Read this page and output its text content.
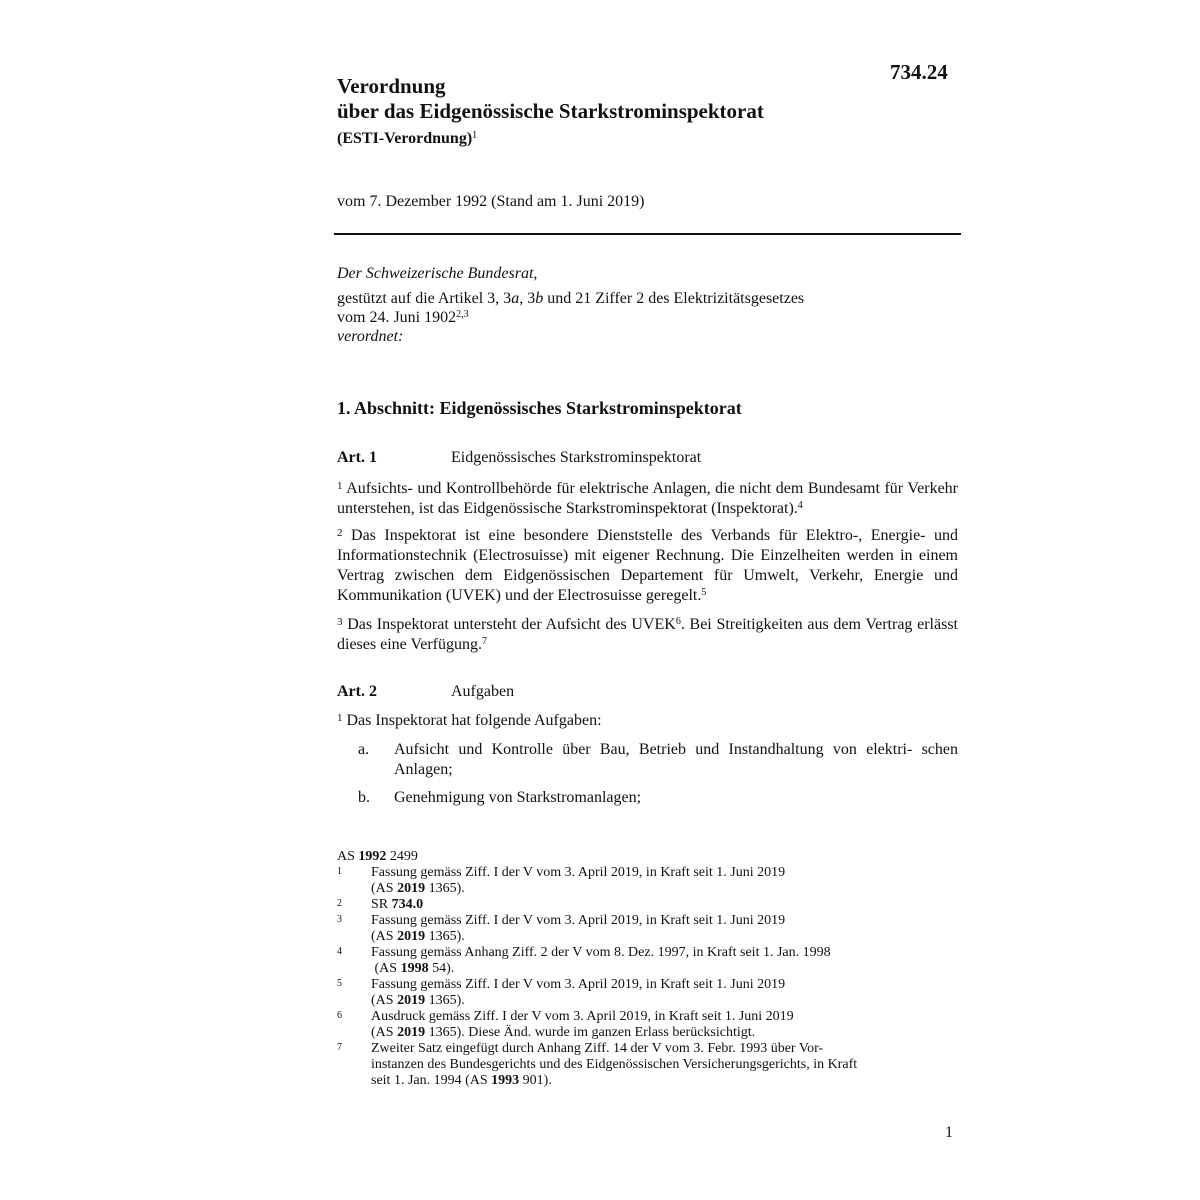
734.24
Verordnung
über das Eidgenössische Starkstrominspektorat
(ESTI-Verordnung)$^1$
vom 7. Dezember 1992 (Stand am 1. Juni 2019)
Der Schweizerische Bundesrat,
gestützt auf die Artikel 3, 3a, 3b und 21 Ziffer 2 des Elektrizitätsgesetzes
vom 24. Juni 1902$^{2,3}$
verordnet:
1. Abschnitt: Eidgenössisches Starkstrominspektorat
Art. 1	Eidgenössisches Starkstrominspektorat
$^1$ Aufsichts- und Kontrollbehörde für elektrische Anlagen, die nicht dem Bundesamt für Verkehr unterstehen, ist das Eidgenössische Starkstrominspektorat (Inspektorat).$^4$
$^2$ Das Inspektorat ist eine besondere Dienststelle des Verbands für Elektro-, Energie- und Informationstechnik (Electrosuisse) mit eigener Rechnung. Die Einzelheiten werden in einem Vertrag zwischen dem Eidgenössischen Departement für Umwelt, Verkehr, Energie und Kommunikation (UVEK) und der Electrosuisse geregelt.$^5$
$^3$ Das Inspektorat untersteht der Aufsicht des UVEK$^6$. Bei Streitigkeiten aus dem Vertrag erlässt dieses eine Verfügung.$^7$
Art. 2	Aufgaben
$^1$ Das Inspektorat hat folgende Aufgaben:
a. Aufsicht und Kontrolle über Bau, Betrieb und Instandhaltung von elektri- schen Anlagen;
b. Genehmigung von Starkstromanlagen;
AS 1992 2499
1	Fassung gemäss Ziff. I der V vom 3. April 2019, in Kraft seit 1. Juni 2019
(AS 2019 1365).
2	SR 734.0
3	Fassung gemäss Ziff. I der V vom 3. April 2019, in Kraft seit 1. Juni 2019
(AS 2019 1365).
4	Fassung gemäss Anhang Ziff. 2 der V vom 8. Dez. 1997, in Kraft seit 1. Jan. 1998
(AS 1998 54).
5	Fassung gemäss Ziff. I der V vom 3. April 2019, in Kraft seit 1. Juni 2019
(AS 2019 1365).
6	Ausdruck gemäss Ziff. I der V vom 3. April 2019, in Kraft seit 1. Juni 2019
(AS 2019 1365). Diese Änd. wurde im ganzen Erlass berücksichtigt.
7	Zweiter Satz eingefügt durch Anhang Ziff. 14 der V vom 3. Febr. 1993 über Vor-
instanzen des Bundesgerichts und des Eidgenössischen Versicherungsgerichts, in Kraft
seit 1. Jan. 1994 (AS 1993 901).
1
